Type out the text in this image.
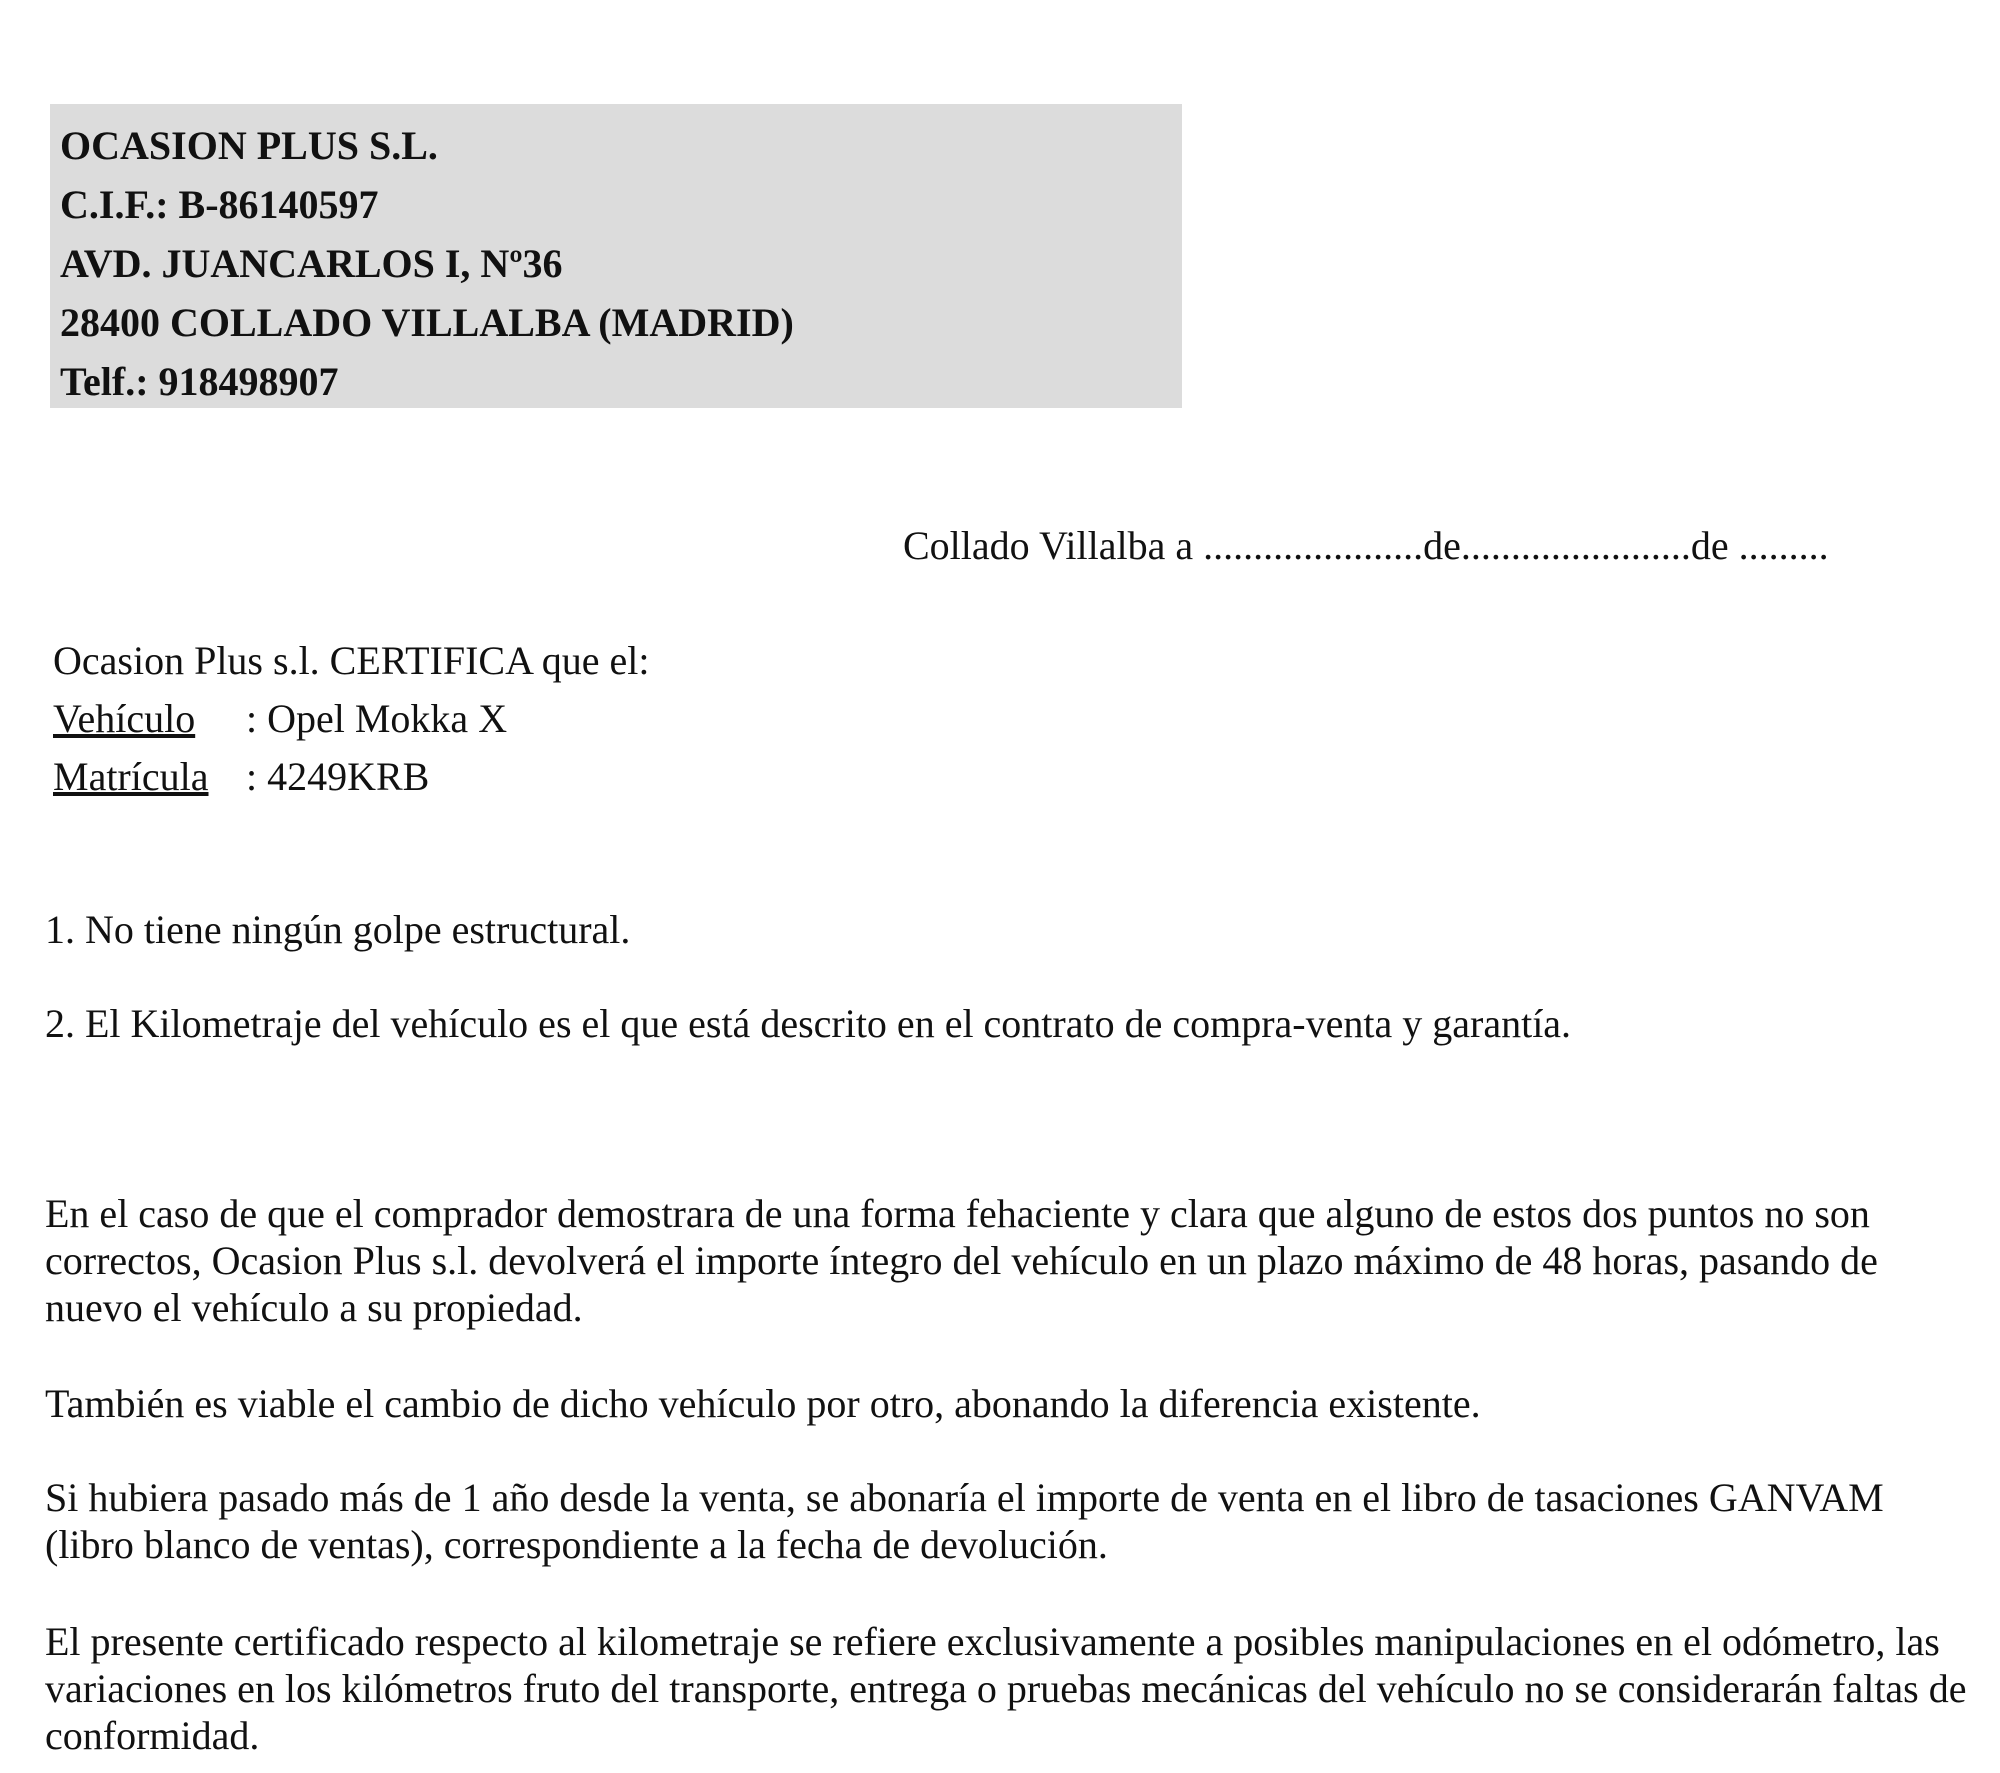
OCASION PLUS S.L.
C.I.F.: B-86140597
AVD. JUANCARLOS I, Nº36
28400 COLLADO VILLALBA (MADRID)
Telf.: 918498907
Collado Villalba a ......................de.......................de .........
Ocasion Plus s.l. CERTIFICA que el:
Vehículo	: Opel Mokka X
Matrícula : 4249KRB
1. No tiene ningún golpe estructural.
2. El Kilometraje del vehículo es el que está descrito en el contrato de compra-venta y garantía.
En el caso de que el comprador demostrara de una forma fehaciente y clara que alguno de estos dos puntos no son correctos, Ocasion Plus s.l. devolverá el importe íntegro del vehículo en un plazo máximo de 48 horas, pasando de nuevo el vehículo a su propiedad.
También es viable el cambio de dicho vehículo por otro, abonando la diferencia existente.
Si hubiera pasado más de 1 año desde la venta, se abonaría el importe de venta en el libro de tasaciones GANVAM (libro blanco de ventas), correspondiente a la fecha de devolución.
El presente certificado respecto al kilometraje se refiere exclusivamente a posibles manipulaciones en el odómetro, las variaciones en los kilómetros fruto del transporte, entrega o pruebas mecánicas del vehículo no se considerarán faltas de conformidad.
